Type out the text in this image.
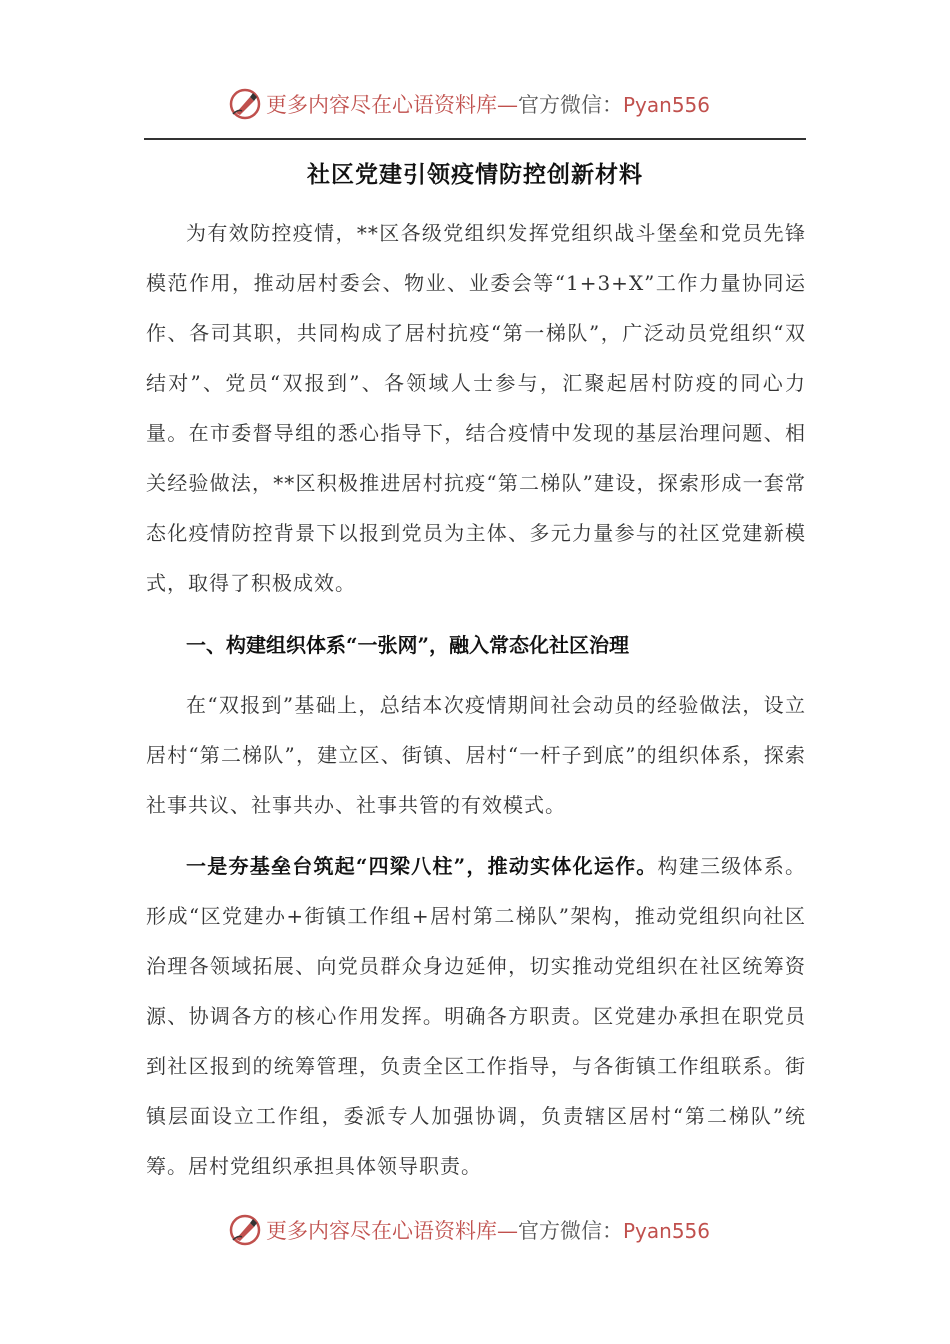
更多内容尽在心语资料库—官方微信：Pyan556
社区党建引领疫情防控创新材料

为有效防控疫情，**区各级党组织发挥党组织战斗堡垒和党员先锋模范作用，推动居村委会、物业、业委会等“1+3+X”工作力量协同运作、各司其职，共同构成了居村抗疫“第一梯队”，广泛动员党组织“双结对”、党员“双报到”、各领域人士参与，汇聚起居村防疫的同心力量。在市委督导组的悉心指导下，结合疫情中发现的基层治理问题、相关经验做法，**区积极推进居村抗疫“第二梯队”建设，探索形成一套常态化疫情防控背景下以报到党员为主体、多元力量参与的社区党建新模式，取得了积极成效。

一、构建组织体系“一张网”，融入常态化社区治理

在“双报到”基础上，总结本次疫情期间社会动员的经验做法，设立居村“第二梯队”，建立区、街镇、居村“一杆子到底”的组织体系，探索社事共议、社事共办、社事共管的有效模式。

一是夯基垒台筑起“四梁八柱”，推动实体化运作。构建三级体系。形成“区党建办+街镇工作组+居村第二梯队”架构，推动党组织向社区治理各领域拓展、向党员群众身边延伸，切实推动党组织在社区统筹资源、协调各方的核心作用发挥。明确各方职责。区党建办承担在职党员到社区报到的统筹管理，负责全区工作指导，与各街镇工作组联系。街镇层面设立工作组，委派专人加强协调，负责辖区居村“第二梯队”统筹。居村党组织承担具体领导职责。

更多内容尽在心语资料库—官方微信：Pyan556
